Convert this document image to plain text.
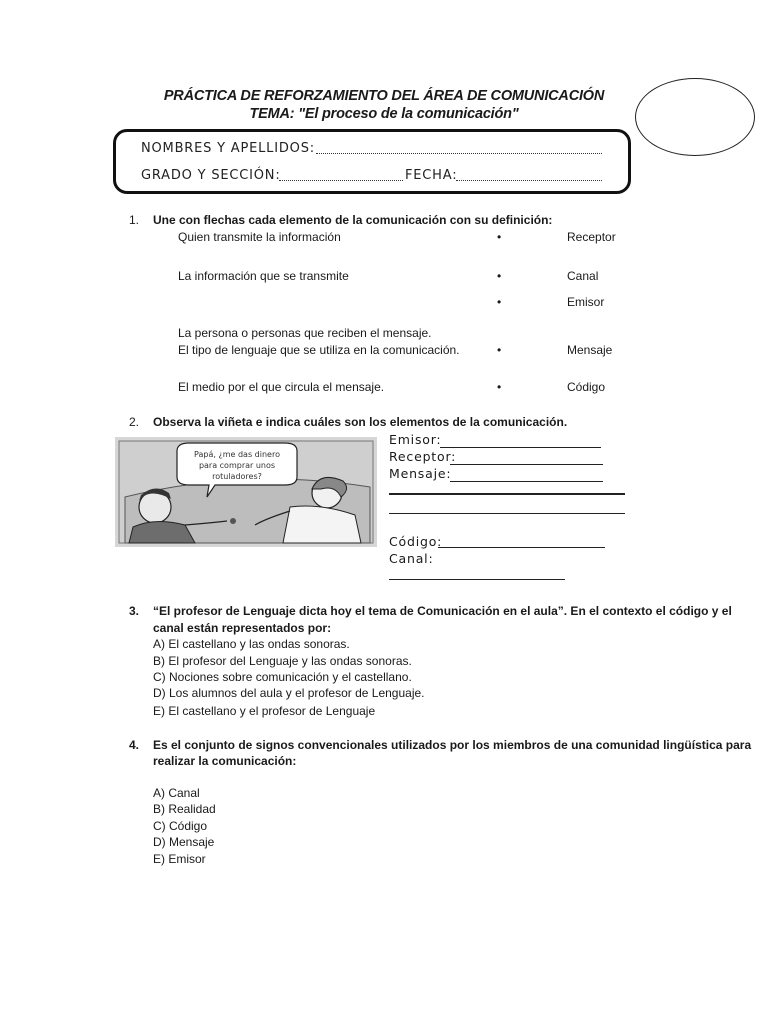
PRÁCTICA DE REFORZAMIENTO DEL ÁREA DE COMUNICACIÓN
TEMA: "El proceso de la comunicación"
NOMBRES Y APELLIDOS:
GRADO Y SECCIÓN:	FECHA:
1. Une con flechas cada elemento de la comunicación con su definición:
Quien transmite la información
La información que se transmite
La persona o personas que reciben el mensaje.
El tipo de lenguaje que se utiliza en la comunicación.
El medio por el que circula el mensaje.
•
•
•
•
•
Receptor
Canal
Emisor
Mensaje
Código
2. Observa la viñeta e indica cuáles son los elementos de la comunicación.
Papá, ¿me das dinero
para comprar unos
rotuladores?
Emisor:
Receptor:
Mensaje:
Código:
Canal:
3. “El profesor de Lenguaje dicta hoy el tema de Comunicación en el aula”. En el contexto el código y el
canal están representados por:
A) El castellano y las ondas sonoras.
B) El profesor del Lenguaje y las ondas sonoras.
C) Nociones sobre comunicación y el castellano.
D) Los alumnos del aula y el profesor de Lenguaje.
E) El castellano y el profesor de Lenguaje
4. Es el conjunto de signos convencionales utilizados por los miembros de una comunidad lingüística para
realizar la comunicación:
A) Canal
B) Realidad
C) Código
D) Mensaje
E) Emisor
